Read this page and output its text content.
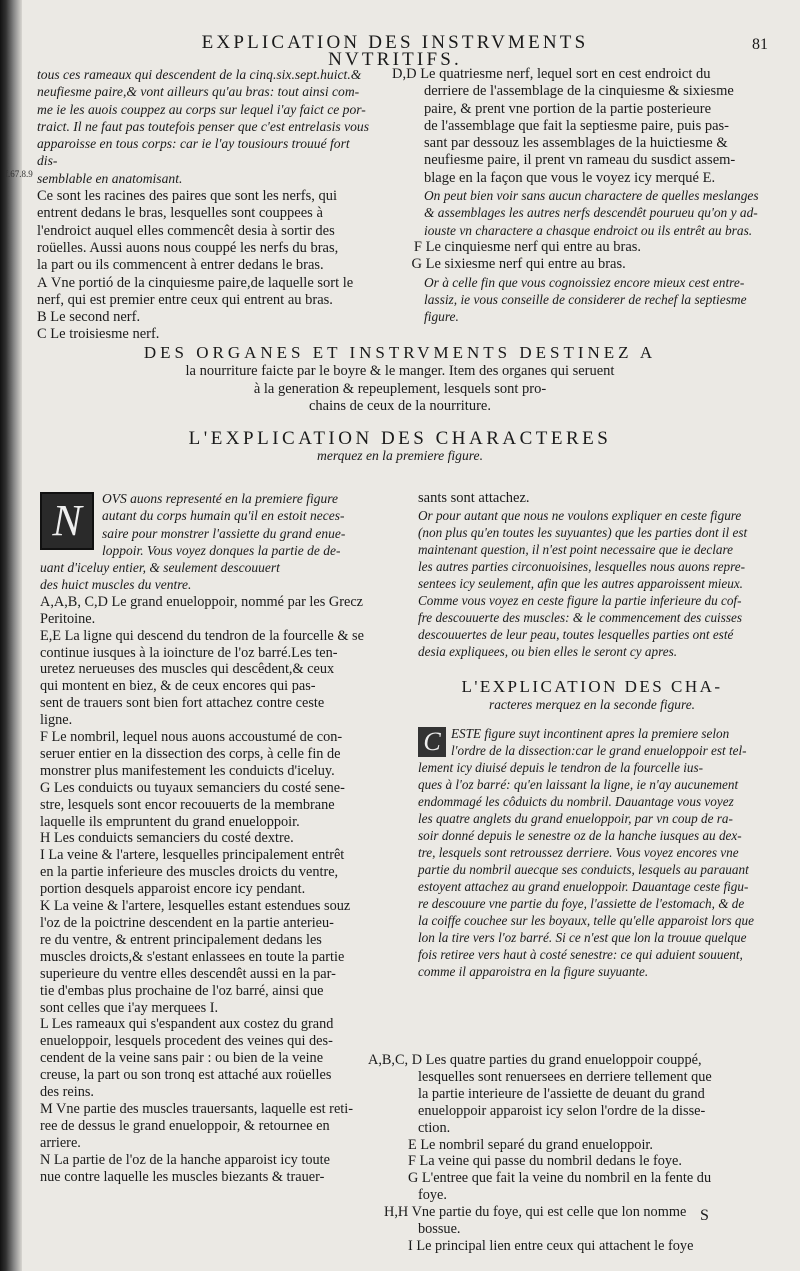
EXPLICATION DES INSTRVMENTS NVTRITIFS.
81
f.67.8.9

tous ces rameaux qui descendent de la cinq.six.sept.huict.&

neufiesme paire,& vont ailleurs qu'au bras: tout ainsi com-

me ie les auois couppez au corps sur lequel i'ay faict ce por-

traict. Il ne faut pas toutefois penser que c'est entrelasis vous

apparoisse en tous corps: car ie l'ay tousiours trouué fort dis-

semblable en anatomisant.

Ce sont les racines des paires que sont les nerfs, qui

entrent dedans le bras, lesquelles sont couppees à

l'endroict auquel elles commencêt desia à sortir des

roüelles. Aussi auons nous couppé les nerfs du bras,

la part ou ils commencent à entrer dedans le bras.

A Vne portió de la cinquiesme paire,de laquelle sort le

nerf, qui est premier entre ceux qui entrent au bras.

B Le second nerf.

C Le troisiesme nerf.

D,D Le quatriesme nerf, lequel sort en cest endroict du

derriere de l'assemblage de la cinquiesme & sixiesme

paire, & prent vne portion de la partie posterieure

de l'assemblage que fait la septiesme paire, puis pas-

sant par dessouz les assemblages de la huictiesme &

neufiesme paire, il prent vn rameau du susdict assem-

blage en la façon que vous le voyez icy merqué E.

On peut bien voir sans aucun charactere de quelles meslanges

& assemblages les autres nerfs descendêt pourueu qu'on y ad-

iouste vn charactere a chasque endroict ou ils entrêt au bras.

F Le cinquiesme nerf qui entre au bras.

G Le sixiesme nerf qui entre au bras.

Or à celle fin que vous cognoissiez encore mieux cest entre-

lassiz, ie vous conseille de considerer de rechef la septiesme

figure.

DES ORGANES ET INSTRVMENTS DESTINEZ A
la nourriture faicte par le boyre & le manger. Item des organes qui seruent
à la generation & repeuplement, lesquels sont pro-
chains de ceux de la nourriture.
L'EXPLICATION DES CHARACTERES
merquez en la premiere figure.
N	OVS auons representé en la premiere figure

autant du corps humain qu'il en estoit neces-

saire pour monstrer l'assiette du grand enue-

loppoir. Vous voyez donques la partie de de-

uant d'iceluy entier, & seulement descouuert

des huict muscles du ventre.

A,A,B, C,D Le grand enueloppoir, nommé par les Grecz

Peritoine.

E,E La ligne qui descend du tendron de la fourcelle & se

continue iusques à la ioincture de l'oz barré.Les ten-

uretez nerueuses des muscles qui descêdent,& ceux

qui montent en biez, & de ceux encores qui pas-

sent de trauers sont bien fort attachez contre ceste

ligne.

F Le nombril, lequel nous auons accoustumé de con-

seruer entier en la dissection des corps, à celle fin de

monstrer plus manifestement les conduicts d'iceluy.

G Les conduicts ou tuyaux semanciers du costé sene-

stre, lesquels sont encor recouuerts de la membrane

laquelle ils empruntent du grand enueloppoir.

H Les conduicts semanciers du costé dextre.

I La veine & l'artere, lesquelles principalement entrêt

en la partie inferieure des muscles droicts du ventre,

portion desquels apparoist encore icy pendant.

K La veine & l'artere, lesquelles estant estendues souz

l'oz de la poictrine descendent en la partie anterieu-

re du ventre, & entrent principalement dedans les

muscles droicts,& s'estant enlassees en toute la partie

superieure du ventre elles descendêt aussi en la par-

tie d'embas plus prochaine de l'oz barré, ainsi que

sont celles que i'ay merquees I.

L Les rameaux qui s'espandent aux costez du grand

enueloppoir, lesquels procedent des veines qui des-

cendent de la veine sans pair : ou bien de la veine

creuse, la part ou son tronq est attaché aux roüelles

des reins.

M Vne partie des muscles trauersants, laquelle est reti-

ree de dessus le grand enueloppoir, & retournee en

arriere.

N La partie de l'oz de la hanche apparoist icy toute

nue contre laquelle les muscles biezants & trauer-

sants sont attachez.

Or pour autant que nous ne voulons expliquer en ceste figure

(non plus qu'en toutes les suyuantes) que les parties dont il est

maintenant question, il n'est point necessaire que ie declare

les autres parties circonuoisines, lesquelles nous auons repre-

sentees icy seulement, afin que les autres apparoissent mieux.

Comme vous voyez en ceste figure la partie inferieure du cof-

fre descouuerte des muscles: & le commencement des cuisses

descouuertes de leur peau, toutes lesquelles parties ont esté

desia expliquees, ou bien elles le seront cy apres.

L'EXPLICATION DES CHA-
racteres merquez en la seconde figure.
C ESTE figure suyt incontinent apres la premiere selon

l'ordre de la dissection:car le grand enueloppoir est tel-

lement icy diuisé depuis le tendron de la fourcelle ius-

ques à l'oz barré: qu'en laissant la ligne, ie n'ay aucunement

endommagé les côduicts du nombril. Dauantage vous voyez

les quatre anglets du grand enueloppoir, par vn coup de ra-

soir donné depuis le senestre oz de la hanche iusques au dex-

tre, lesquels sont retroussez derriere. Vous voyez encores vne

partie du nombril auecque ses conduicts, lesquels au parauant

estoyent attachez au grand enueloppoir. Dauantage ceste figu-

re descouure vne partie du foye, l'assiette de l'estomach, & de

la coiffe couchee sur les boyaux, telle qu'elle apparoist lors que

lon la tire vers l'oz barré. Si ce n'est que lon la trouue quelque

fois retiree vers haut à costé senestre: ce qui aduient souuent,

comme il apparoistra en la figure suyuante.

A,B,C, D Les quatre parties du grand enueloppoir couppé,

lesquelles sont renuersees en derriere tellement que

la partie interieure de l'assiette de deuant du grand

enueloppoir apparoist icy selon l'ordre de la disse-

ction.

E Le nombril separé du grand enueloppoir.

F La veine qui passe du nombril dedans le foye.

G L'entree que fait la veine du nombril en la fente du

foye.

H,H Vne partie du foye, qui est celle que lon nomme

bossue.

I Le principal lien entre ceux qui attachent le foye

S
